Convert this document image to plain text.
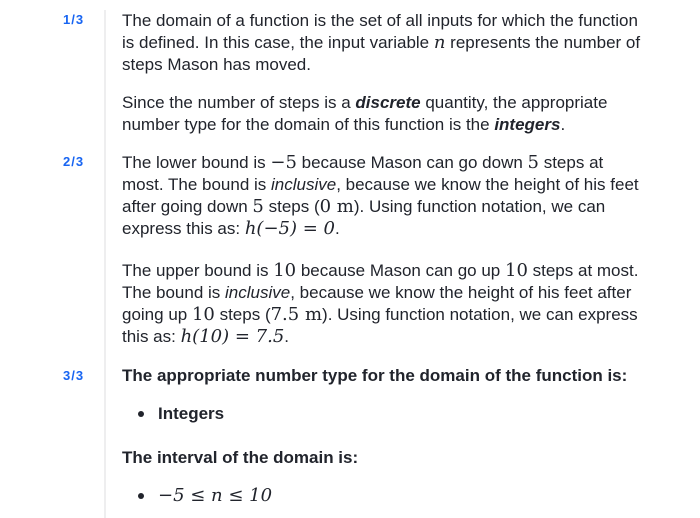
1/3 The domain of a function is the set of all inputs for which the function is defined. In this case, the input variable n represents the number of steps Mason has moved.

Since the number of steps is a discrete quantity, the appropriate number type for the domain of this function is the integers.

2/3 The lower bound is −5 because Mason can go down 5 steps at most. The bound is inclusive, because we know the height of his feet after going down 5 steps (0 m). Using function notation, we can express this as: h(−5) = 0.

The upper bound is 10 because Mason can go up 10 steps at most. The bound is inclusive, because we know the height of his feet after going up 10 steps (7.5 m). Using function notation, we can express this as: h(10) = 7.5.

3/3 The appropriate number type for the domain of the function is:

Integers

The interval of the domain is:

−5 ≤ n ≤ 10
